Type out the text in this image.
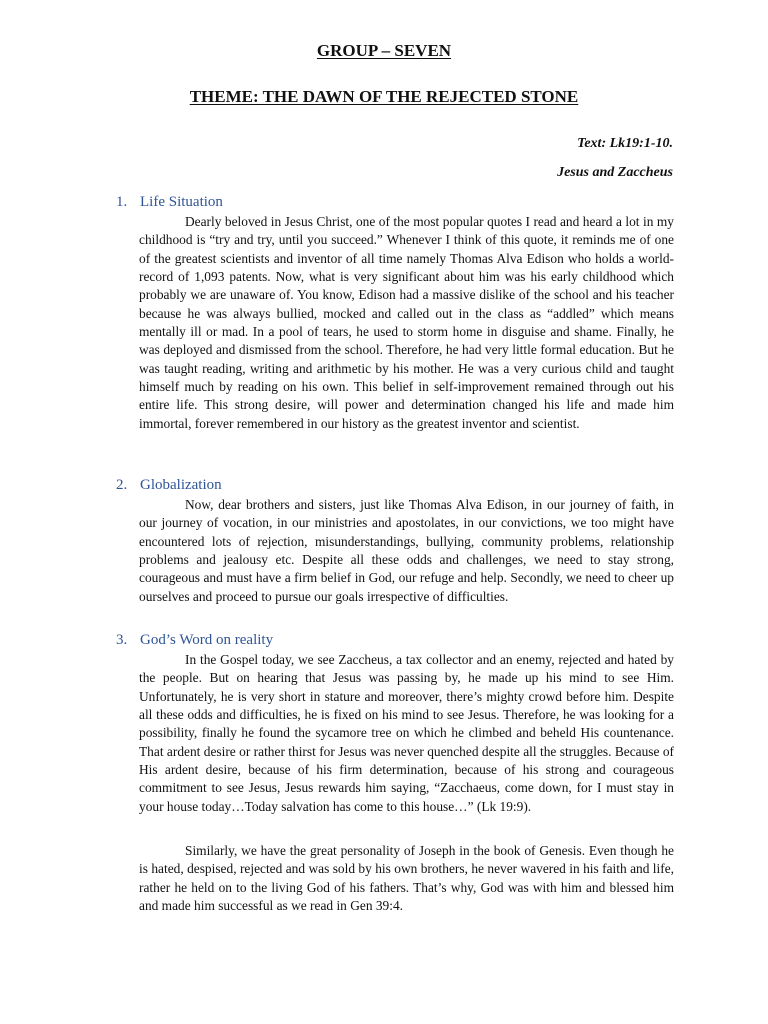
GROUP – SEVEN
THEME: THE DAWN OF THE REJECTED STONE
Text: Lk19:1-10.
Jesus and Zaccheus
1. Life Situation

Dearly beloved in Jesus Christ, one of the most popular quotes I read and heard a lot in my childhood is “try and try, until you succeed.” Whenever I think of this quote, it reminds me of one of the greatest scientists and inventor of all time namely Thomas Alva Edison who holds a world-record of 1,093 patents. Now, what is very significant about him was his early childhood which probably we are unaware of. You know, Edison had a massive dislike of the school and his teacher because he was always bullied, mocked and called out in the class as “addled” which means mentally ill or mad. In a pool of tears, he used to storm home in disguise and shame. Finally, he was deployed and dismissed from the school. Therefore, he had very little formal education. But he was taught reading, writing and arithmetic by his mother. He was a very curious child and taught himself much by reading on his own. This belief in self-improvement remained through out his entire life. This strong desire, will power and determination changed his life and made him immortal, forever remembered in our history as the greatest inventor and scientist.

2. Globalization

Now, dear brothers and sisters, just like Thomas Alva Edison, in our journey of faith, in our journey of vocation, in our ministries and apostolates, in our convictions, we too might have encountered lots of rejection, misunderstandings, bullying, community problems, relationship problems and jealousy etc. Despite all these odds and challenges, we need to stay strong, courageous and must have a firm belief in God, our refuge and help. Secondly, we need to cheer up ourselves and proceed to pursue our goals irrespective of difficulties.

3. God’s Word on reality

In the Gospel today, we see Zaccheus, a tax collector and an enemy, rejected and hated by the people. But on hearing that Jesus was passing by, he made up his mind to see Him. Unfortunately, he is very short in stature and moreover, there’s mighty crowd before him. Despite all these odds and difficulties, he is fixed on his mind to see Jesus. Therefore, he was looking for a possibility, finally he found the sycamore tree on which he climbed and beheld His countenance. That ardent desire or rather thirst for Jesus was never quenched despite all the struggles. Because of His ardent desire, because of his firm determination, because of his strong and courageous commitment to see Jesus, Jesus rewards him saying, “Zacchaeus, come down, for I must stay in your house today…Today salvation has come to this house…” (Lk 19:9).

Similarly, we have the great personality of Joseph in the book of Genesis. Even though he is hated, despised, rejected and was sold by his own brothers, he never wavered in his faith and life, rather he held on to the living God of his fathers. That’s why, God was with him and blessed him and made him successful as we read in Gen 39:4.
